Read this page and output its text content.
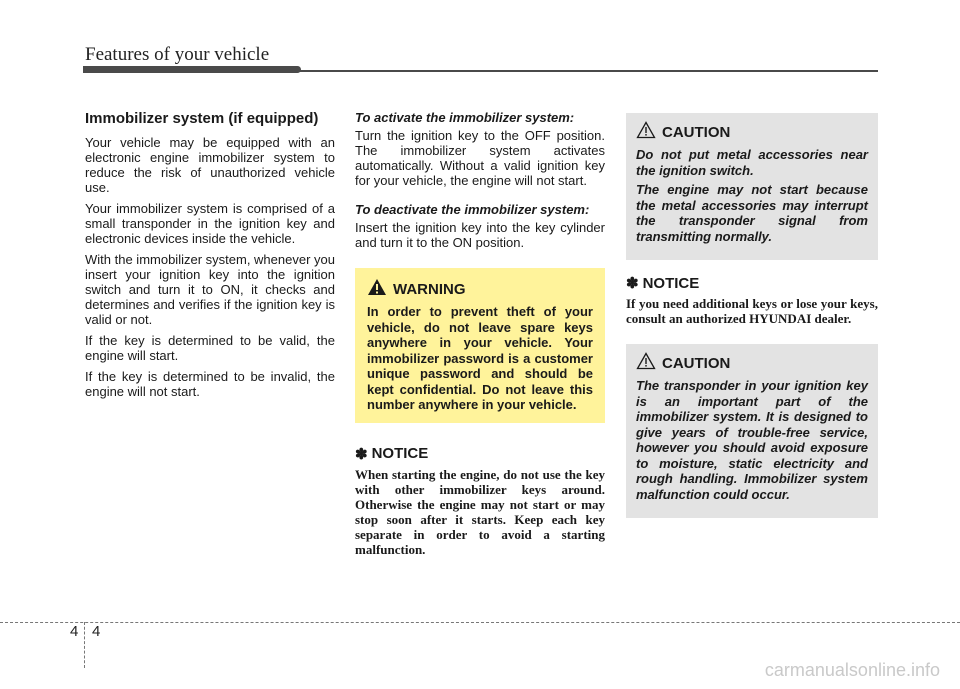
Features of your vehicle
Immobilizer system (if equipped)

Your vehicle may be equipped with an electronic engine immobilizer system to reduce the risk of unauthorized vehicle use.

Your immobilizer system is comprised of a small transponder in the ignition key and electronic devices inside the vehicle.

With the immobilizer system, whenever you insert your ignition key into the ignition switch and turn it to ON, it checks and determines and verifies if the ignition key is valid or not.

If the key is determined to be valid, the engine will start.

If the key is determined to be invalid, the engine will not start.

To activate the immobilizer system:

Turn the ignition key to the OFF position. The immobilizer system activates automatically. Without a valid ignition key for your vehicle, the engine will not start.

To deactivate the immobilizer system:

Insert the ignition key into the key cylinder and turn it to the ON position.

WARNING

In order to prevent theft of your vehicle, do not leave spare keys anywhere in your vehicle. Your immobilizer password is a customer unique password and should be kept confidential. Do not leave this number anywhere in your vehicle.

✽ NOTICE

When starting the engine, do not use the key with other immobilizer keys around. Otherwise the engine may not start or may stop soon after it starts. Keep each key separate in order to avoid a starting malfunction.

CAUTION

Do not put metal accessories near the ignition switch.

The engine may not start because the metal accessories may interrupt the transponder signal from transmitting normally.

✽ NOTICE

If you need additional keys or lose your keys, consult an authorized HYUNDAI dealer.

CAUTION

The transponder in your ignition key is an important part of the immobilizer system. It is designed to give years of trouble-free service, however you should avoid exposure to moisture, static electricity and rough handling. Immobilizer system malfunction could occur.

4 4
carmanualsonline.info
